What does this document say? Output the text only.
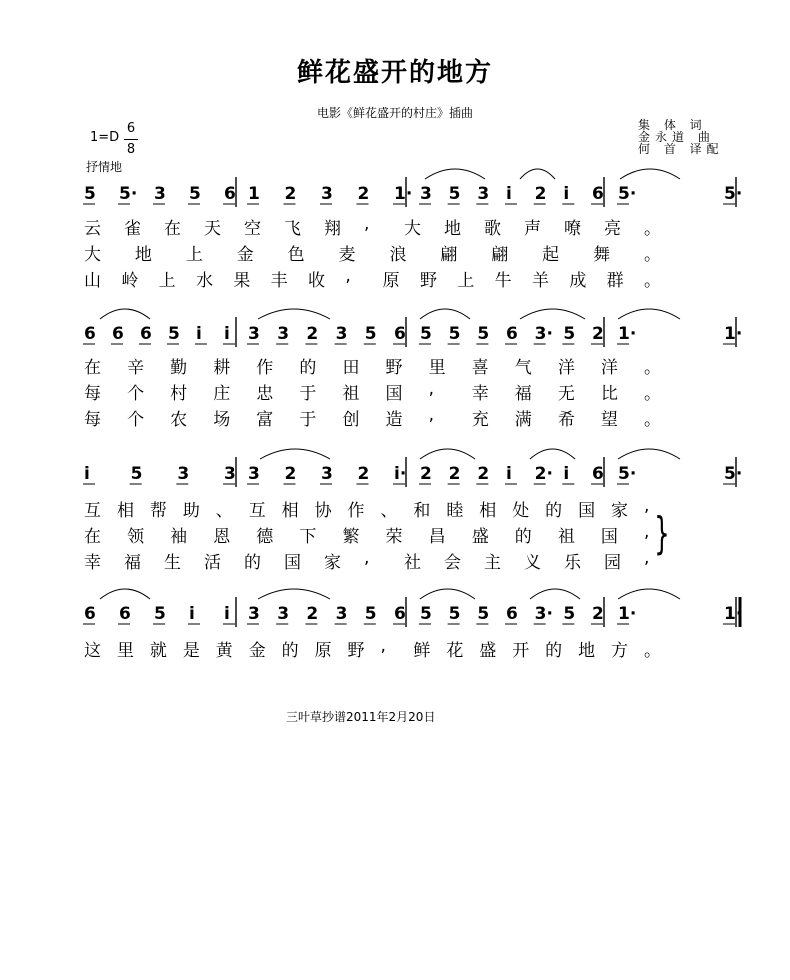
鲜花盛开的地方
电影《鲜花盛开的村庄》插曲
1=D
6
8
抒情地
集 体 词
金永道 曲
何 首 译配
5 5· 3 5 6 1 2 3 2 1· 3 5 3 i 2 i 6 5·	5·
云 雀 在 天 空 飞 翔 , 大 地 歌 声 嘹 亮 。
大 地 上 金 色 麦 浪 翩 翩 起 舞 。
山 岭 上 水 果 丰 收 , 原 野 上 牛 羊 成 群 。
6 6 6 5 i i 3 3 2 3 5 6 5 5 5 6 3· 5 2 1·	1·
在 辛 勤 耕 作 的 田 野 里 喜 气 洋 洋 。
每 个 村 庄 忠 于 祖 国 , 幸 福 无 比 。
每 个 农 场 富 于 创 造 , 充 满 希 望 。
i 5 3 3 3 2 3 2 i· 2 2 2 i 2· i 6 5·	5·
互 相 帮 助 、 互 相 协 作 、 和 睦 相 处 的 国 家 ,
在 领 袖 恩 德 下 繁 荣 昌 盛 的 祖 国 ,
幸 福 生 活 的 国 家 , 社 会 主 义 乐 园 ,
6 6 5 i i 3 3 2 3 5 6 5 5 5 6 3· 5 2 1·	1·
这 里 就 是 黄 金 的 原 野 , 鲜 花 盛 开 的 地 方 。
}
三叶草抄谱2011年2月20日
